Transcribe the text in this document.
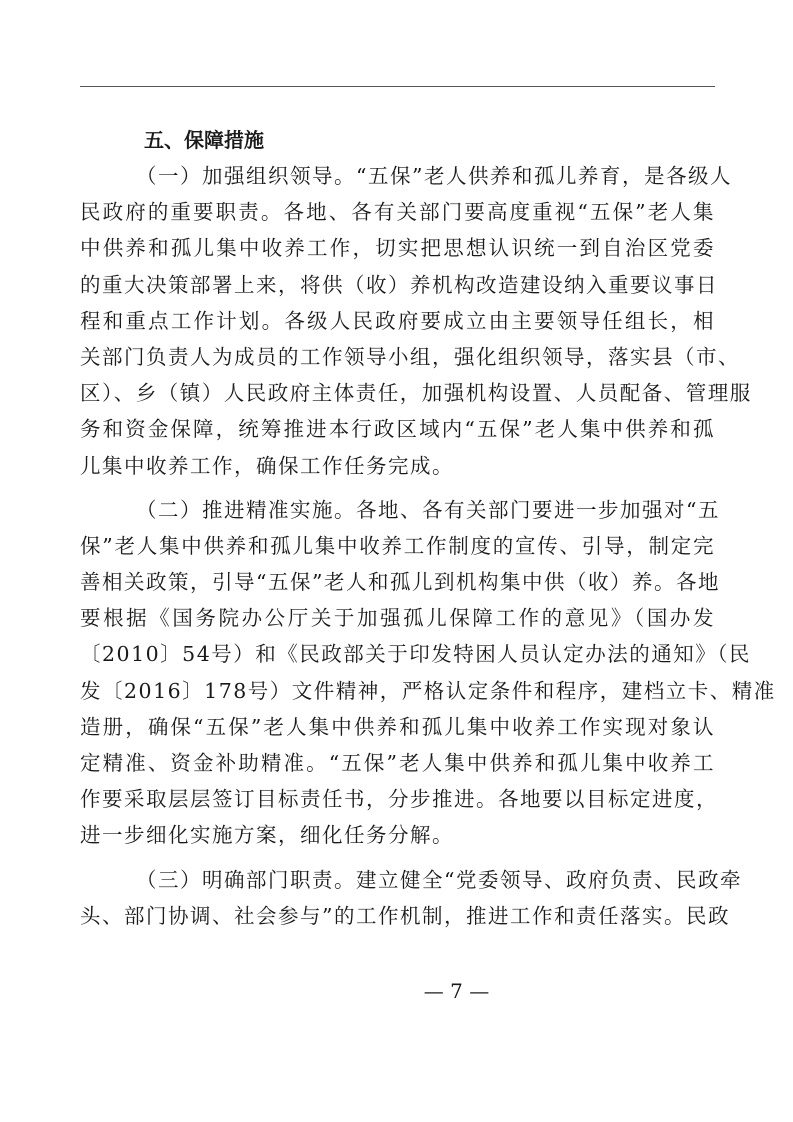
五、保障措施
（一）加强组织领导。“五保”老人供养和孤儿养育，是各级人
民政府的重要职责。各地、各有关部门要高度重视“五保”老人集
中供养和孤儿集中收养工作，切实把思想认识统一到自治区党委
的重大决策部署上来，将供（收）养机构改造建设纳入重要议事日
程和重点工作计划。各级人民政府要成立由主要领导任组长，相
关部门负责人为成员的工作领导小组，强化组织领导，落实县（市、
区）、乡（镇）人民政府主体责任，加强机构设置、人员配备、管理服
务和资金保障，统筹推进本行政区域内“五保”老人集中供养和孤
儿集中收养工作，确保工作任务完成。
（二）推进精准实施。各地、各有关部门要进一步加强对“五
保”老人集中供养和孤儿集中收养工作制度的宣传、引导，制定完
善相关政策，引导“五保”老人和孤儿到机构集中供（收）养。各地
要根据《国务院办公厅关于加强孤儿保障工作的意见》（国办发
〔2010〕54号）和《民政部关于印发特困人员认定办法的通知》（民
发〔2016〕178号）文件精神，严格认定条件和程序，建档立卡、精准
造册，确保“五保”老人集中供养和孤儿集中收养工作实现对象认
定精准、资金补助精准。“五保”老人集中供养和孤儿集中收养工
作要采取层层签订目标责任书，分步推进。各地要以目标定进度，
进一步细化实施方案，细化任务分解。
（三）明确部门职责。建立健全“党委领导、政府负责、民政牵
头、部门协调、社会参与”的工作机制，推进工作和责任落实。民政
— 7 —
